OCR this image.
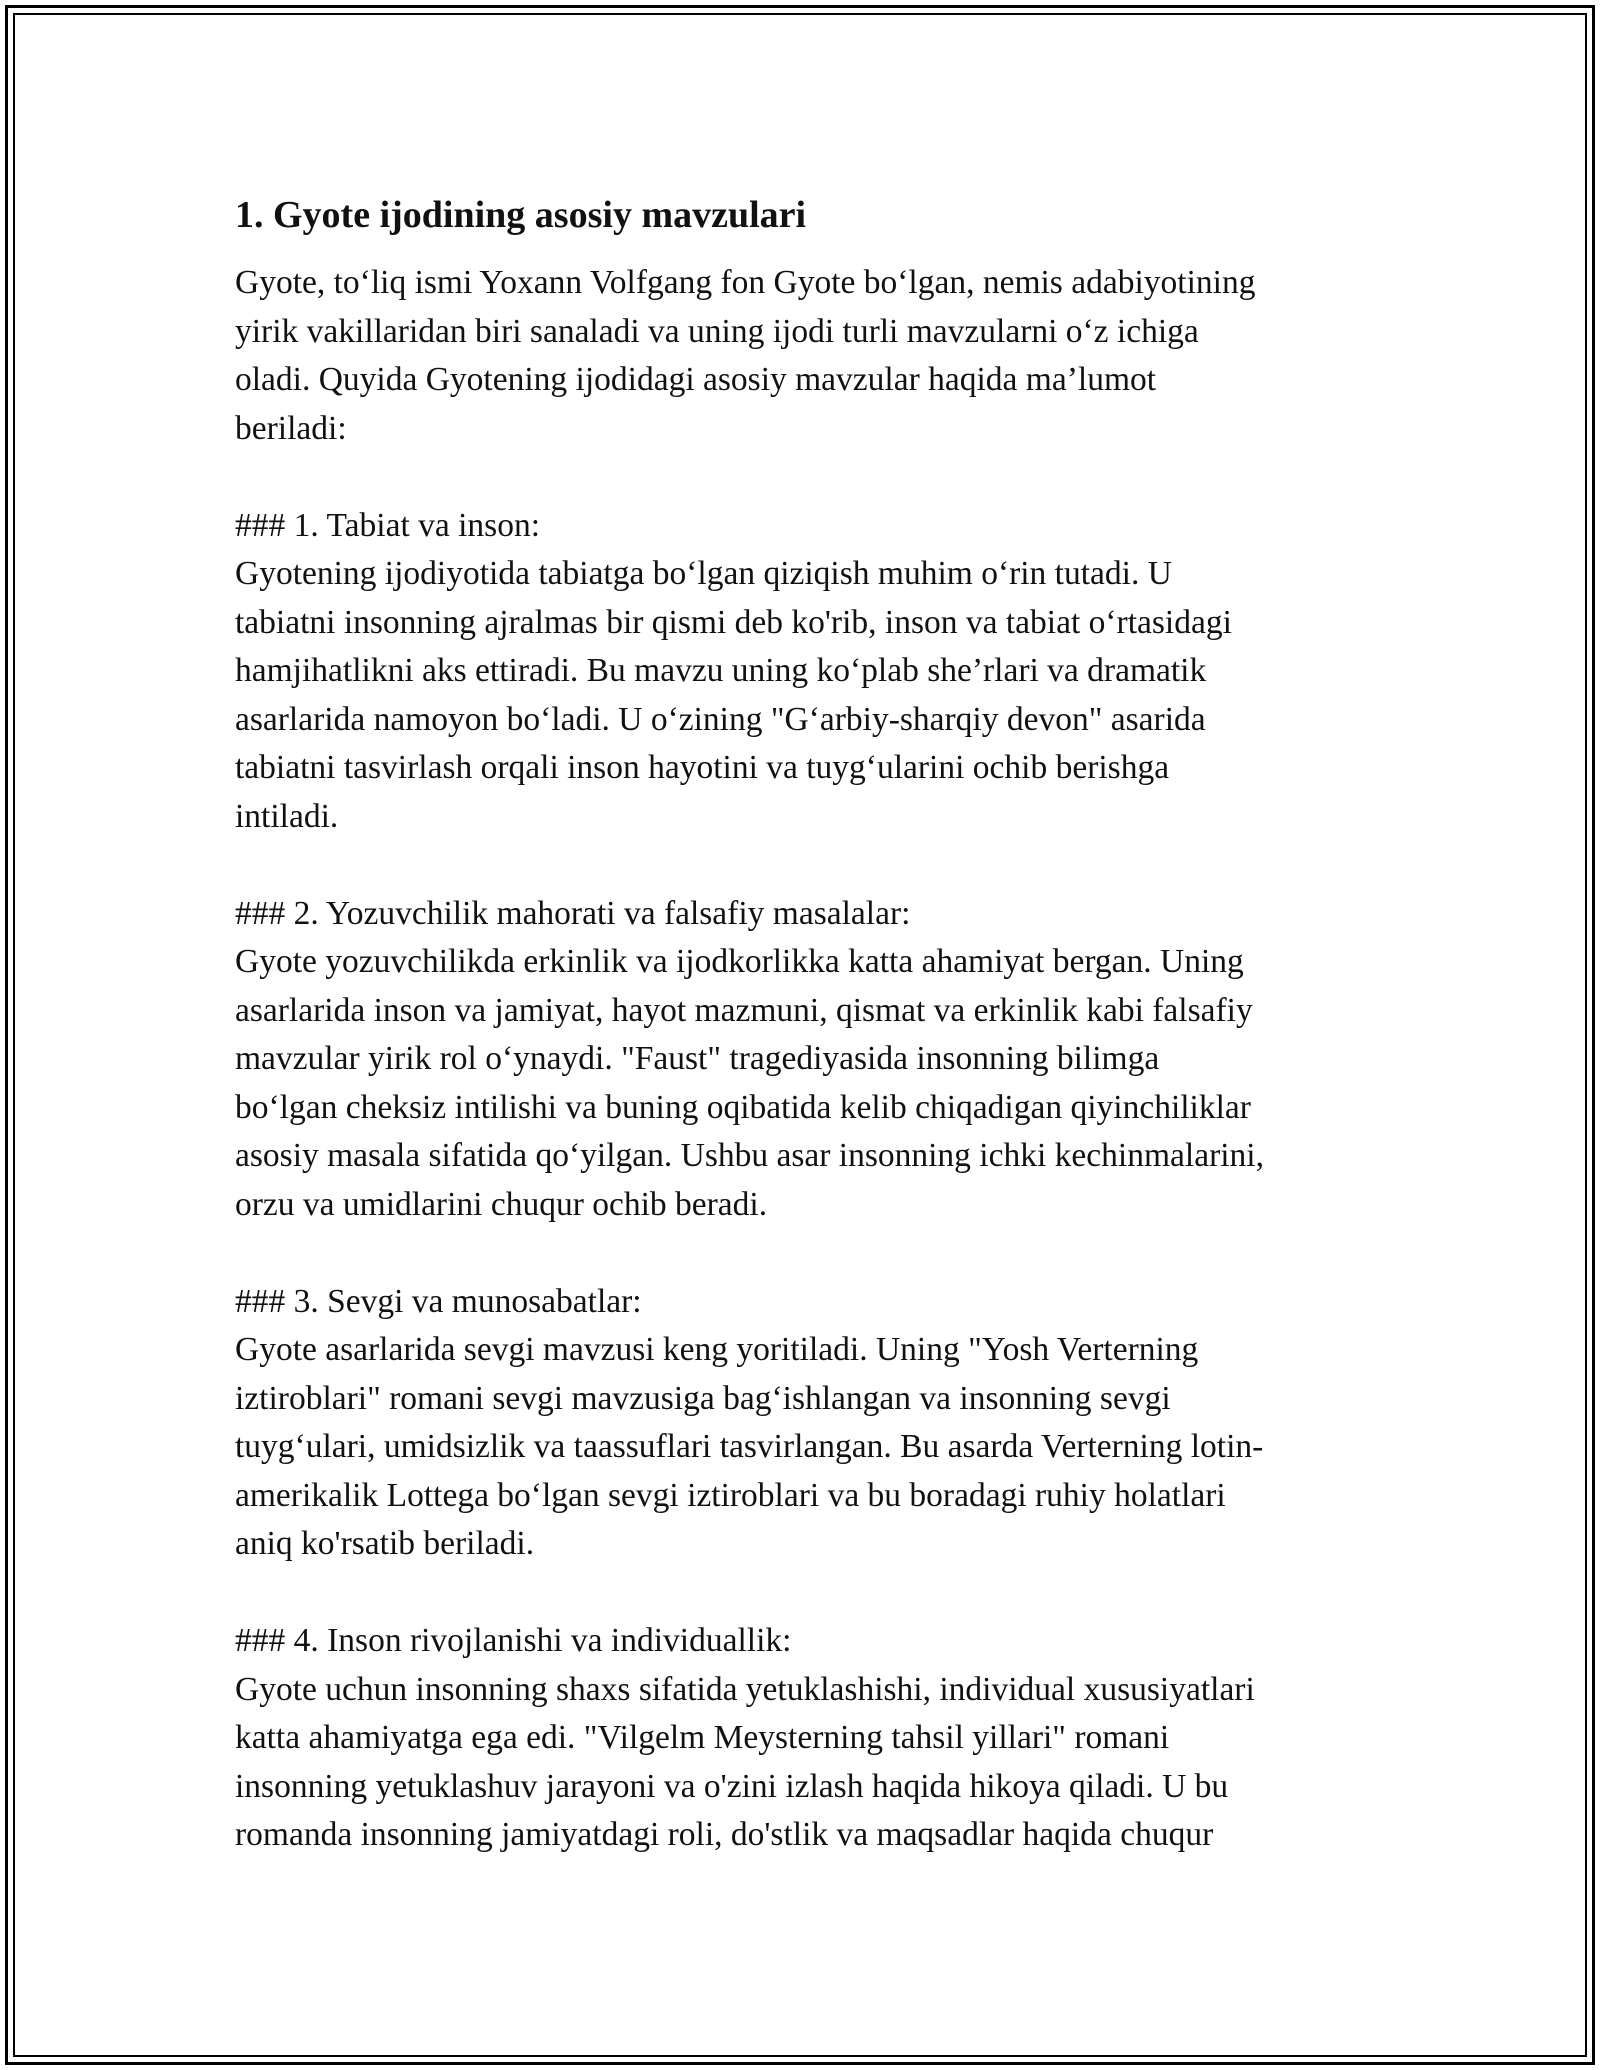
1. Gyote ijodining asosiy mavzulari

Gyote, to‘liq ismi Yoxann Volfgang fon Gyote bo‘lgan, nemis adabiyotining
yirik vakillaridan biri sanaladi va uning ijodi turli mavzularni o‘z ichiga
oladi. Quyida Gyotening ijodidagi asosiy mavzular haqida ma’lumot
beriladi:

### 1. Tabiat va inson:

Gyotening ijodiyotida tabiatga bo‘lgan qiziqish muhim o‘rin tutadi. U
tabiatni insonning ajralmas bir qismi deb ko'rib, inson va tabiat o‘rtasidagi
hamjihatlikni aks ettiradi. Bu mavzu uning ko‘plab she’rlari va dramatik
asarlarida namoyon bo‘ladi. U o‘zining "G‘arbiy-sharqiy devon" asarida
tabiatni tasvirlash orqali inson hayotini va tuyg‘ularini ochib berishga
intiladi.

### 2. Yozuvchilik mahorati va falsafiy masalalar:

Gyote yozuvchilikda erkinlik va ijodkorlikka katta ahamiyat bergan. Uning
asarlarida inson va jamiyat, hayot mazmuni, qismat va erkinlik kabi falsafiy
mavzular yirik rol o‘ynaydi. "Faust" tragediyasida insonning bilimga
bo‘lgan cheksiz intilishi va buning oqibatida kelib chiqadigan qiyinchiliklar
asosiy masala sifatida qo‘yilgan. Ushbu asar insonning ichki kechinmalarini,
orzu va umidlarini chuqur ochib beradi.

### 3. Sevgi va munosabatlar:

Gyote asarlarida sevgi mavzusi keng yoritiladi. Uning "Yosh Verterning
iztiroblari" romani sevgi mavzusiga bag‘ishlangan va insonning sevgi
tuyg‘ulari, umidsizlik va taassuflari tasvirlangan. Bu asarda Verterning lotin-
amerikalik Lottega bo‘lgan sevgi iztiroblari va bu boradagi ruhiy holatlari
aniq ko'rsatib beriladi.

### 4. Inson rivojlanishi va individuallik:

Gyote uchun insonning shaxs sifatida yetuklashishi, individual xususiyatlari
katta ahamiyatga ega edi. "Vilgelm Meysterning tahsil yillari" romani
insonning yetuklashuv jarayoni va o'zini izlash haqida hikoya qiladi. U bu
romanda insonning jamiyatdagi roli, do'stlik va maqsadlar haqida chuqur
